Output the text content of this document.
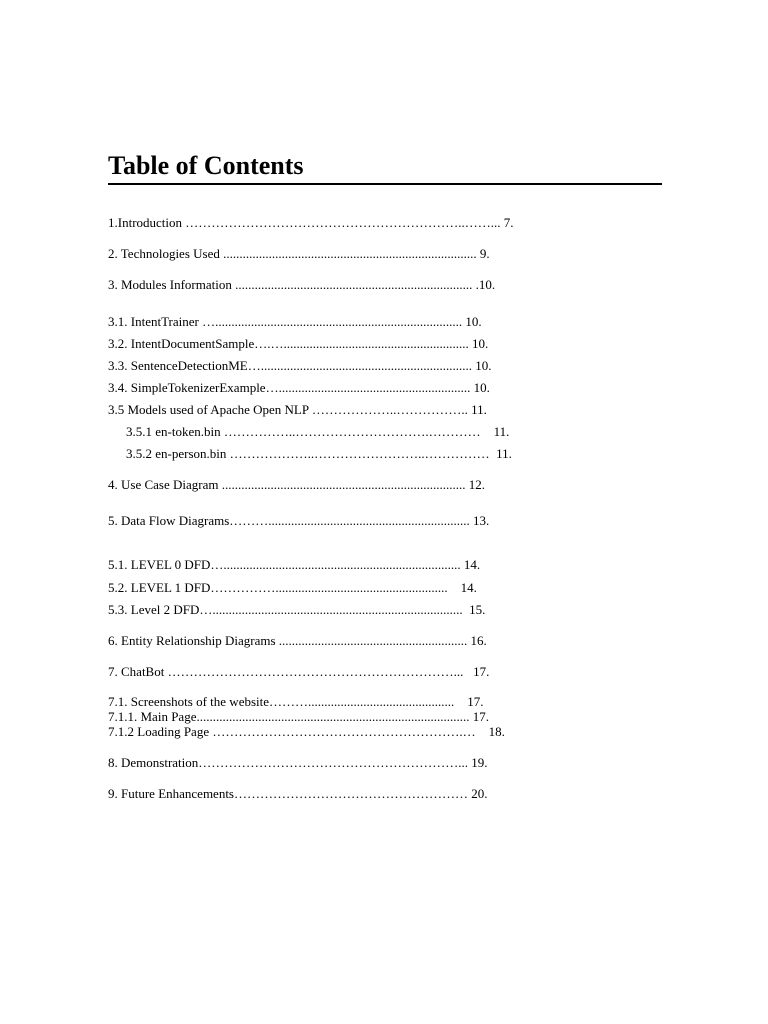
Table of Contents
1.Introduction ………………………………………………………..……... 7.
2. Technologies Used .............................................................................. 9.
3. Modules Information ......................................................................... .10.
3.1. IntentTrainer …............................................................................ 10.
3.2. IntentDocumentSample….…......................................................... 10.
3.3. SentenceDetectionME…................................................................. 10.
3.4. SimpleTokenizerExample…........................................................... 10.
3.5 Models used of Apache Open NLP ………………..…………….. 11.
3.5.1 en-token.bin ……………..………………………….…………    11.
3.5.2 en-person.bin ………………..……………………..……………  11.
4. Use Case Diagram ........................................................................... 12.
5. Data Flow Diagrams……….............................................................. 13.
5.1. LEVEL 0 DFD…......................................................................... 14.
5.2. LEVEL 1 DFD…………….....................................................    14.
5.3. Level 2 DFD….............................................................................  15.
6. Entity Relationship Diagrams .......................................................... 16.
7. ChatBot …………………………………………………………...   17.
7.1. Screenshots of the website……….............................................    17.
7.1.1. Main Page.................................................................................... 17.
7.1.2 Loading Page ………………………………………………….…    18.
8. Demonstration……………………………………………………... 19.
9. Future Enhancements……………………………………………… 20.
